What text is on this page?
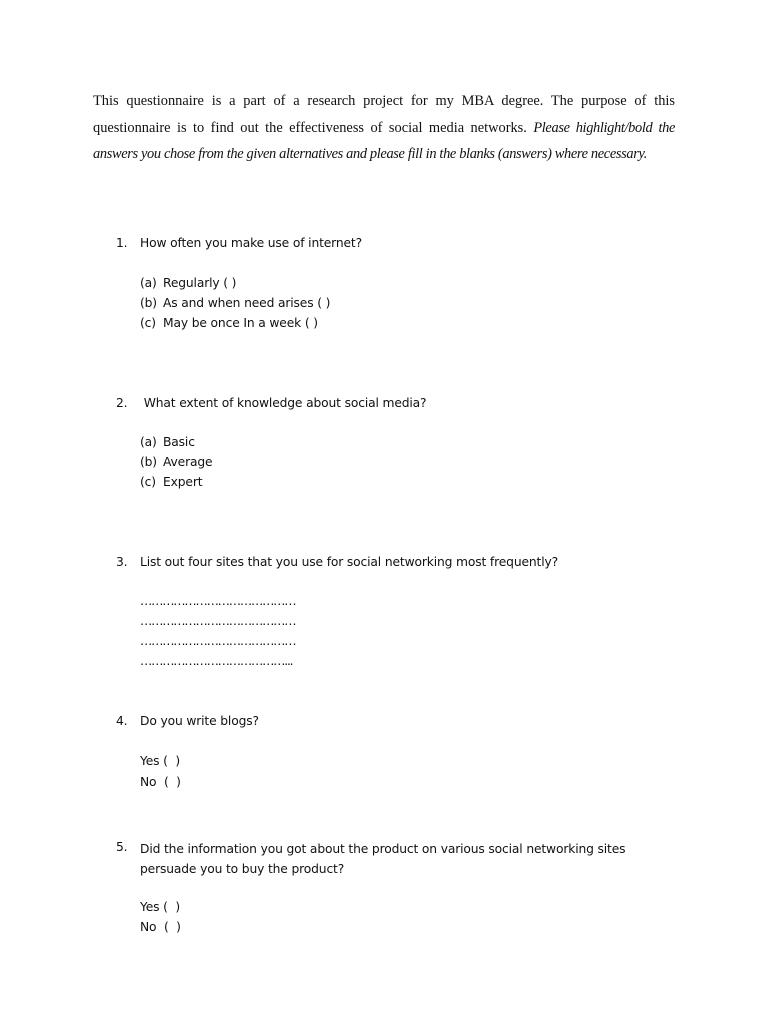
This questionnaire is a part of a research project for my MBA degree. The purpose of this questionnaire is to find out the effectiveness of social media networks. Please highlight/bold the answers you chose from the given alternatives and please fill in the blanks (answers) where necessary.

1. How often you make use of internet?
(a) Regularly ( )
(b) As and when need arises ( )
(c) May be once In a week ( )
2. What extent of knowledge about social media?
(a) Basic
(b) Average
(c) Expert
3. List out four sites that you use for social networking most frequently?
……………………………………
……………………………………
……………………………………
…………………………………...
4. Do you write blogs?
Yes (  )
No  (  )
5. Did the information you got about the product on various social networking sites persuade you to buy the product?
Yes (  )
No  (  )
